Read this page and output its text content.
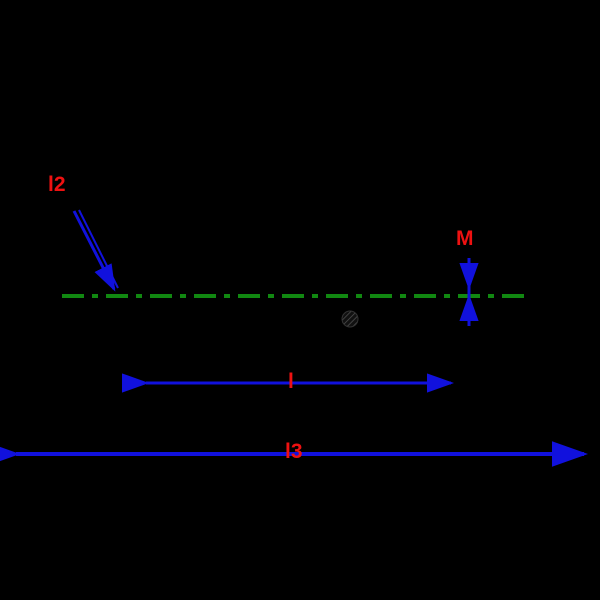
l2
M
l
l3
